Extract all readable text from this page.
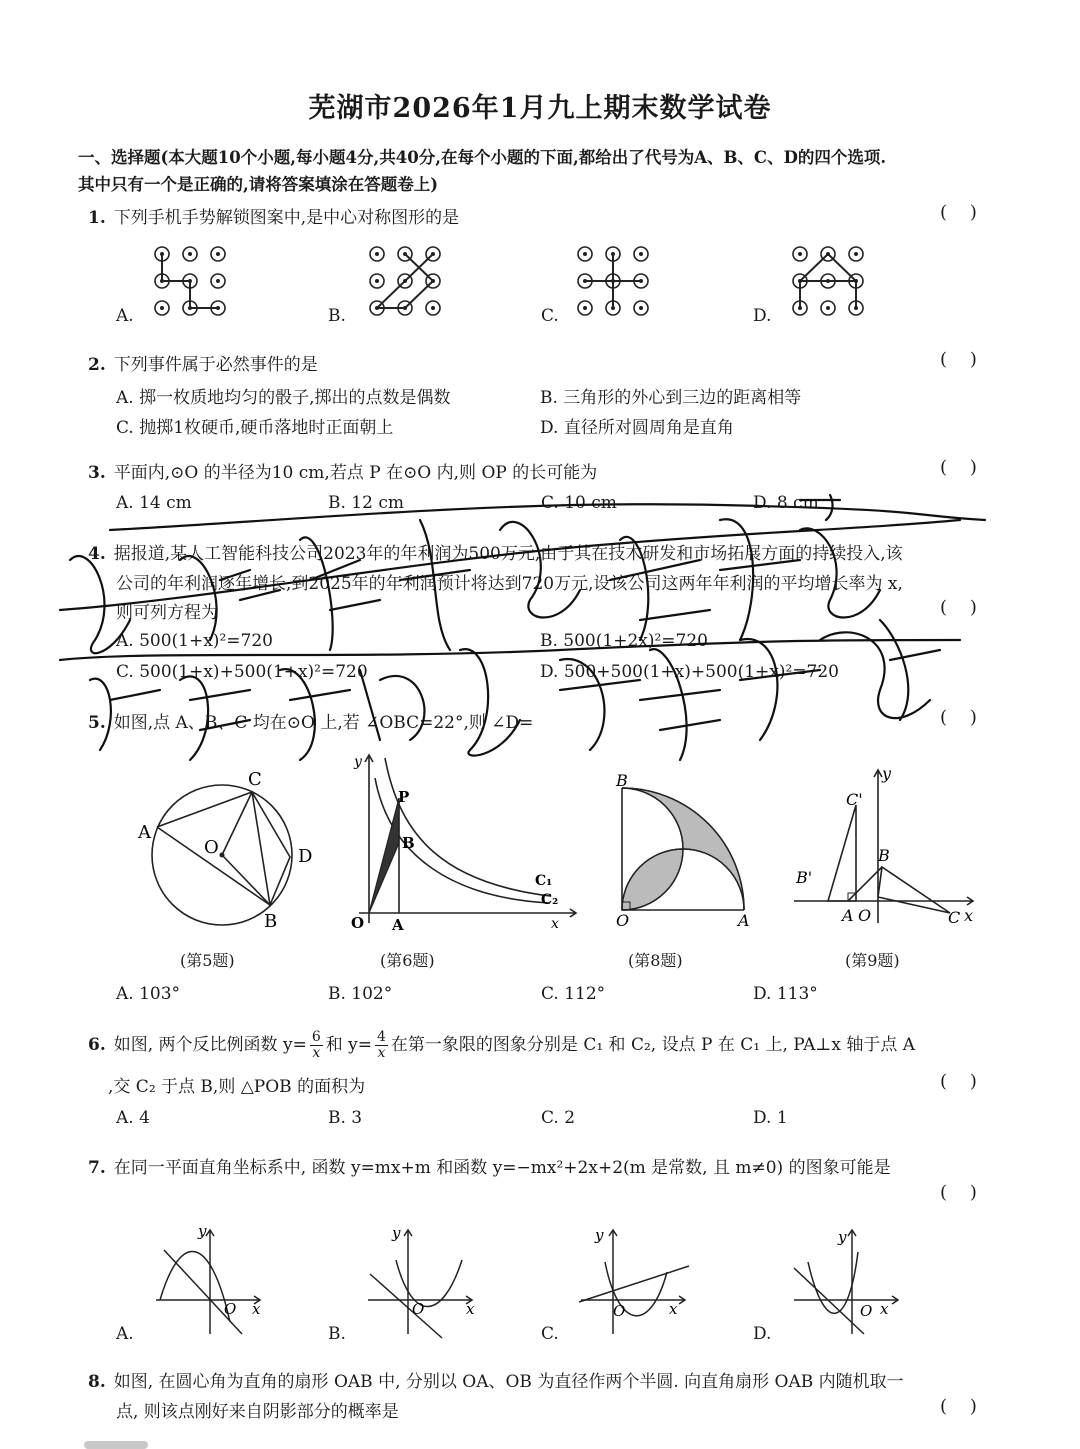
芜湖市2026年1月九上期末数学试卷
一、选择题(本大题10个小题,每小题4分,共40分,在每个小题的下面,都给出了代号为A、B、C、D的四个选项.
其中只有一个是正确的,请将答案填涂在答题卷上)
1. 下列手机手势解锁图案中,是中心对称图形的是	(    )
A.	B.	C.	D.
2. 下列事件属于必然事件的是	(    )
A. 掷一枚质地均匀的骰子,掷出的点数是偶数	B. 三角形的外心到三边的距离相等
C. 抛掷1枚硬币,硬币落地时正面朝上	D. 直径所对圆周角是直角
3. 平面内,⊙O 的半径为10 cm,若点 P 在⊙O 内,则 OP 的长可能为	(    )
A. 14 cm	B. 12 cm	C. 10 cm	D. 8 cm
4. 据报道,某人工智能科技公司2023年的年利润为500万元,由于其在技术研发和市场拓展方面的持续投入,该
公司的年利润逐年增长,到2025年的年利润预计将达到720万元,设该公司这两年年利润的平均增长率为 x,
则可列方程为	(    )
A. 500(1+x)²=720	B. 500(1+2x)²=720
C. 500(1+x)+500(1+x)²=720	D. 500+500(1+x)+500(1+x)²=720
5. 如图,点 A、B、C 均在⊙O 上,若 ∠OBC=22°,则 ∠D=	(    )
A
B
C
D
O
(第5题)
y
x
O A
P
B
C₁
C₂
(第6题)
B
O	A
(第8题)
y
x
C'
B'
B
A O	C
(第9题)
A. 103°	B. 102°	C. 112°	D. 113°
6. 如图, 两个反比例函数 $y= \frac{6}{x}$ 和 $y= \frac{4}{x}$ 在第一象限的图象分别是 C₁ 和 C₂, 设点 P 在 C₁ 上, PA⊥x 轴于点 A
,交 C₂ 于点 B,则 △POB 的面积为	(    )
A. 4	B. 3	C. 2	D. 1
7. 在同一平面直角坐标系中, 函数 y=mx+m 和函数 y=−mx²+2x+2(m 是常数, 且 m≠0) 的图象可能是
(    )
y
O x
A.
y
O	x
B.
y
O	x
C.
y
O x
D.
8. 如图, 在圆心角为直角的扇形 OAB 中, 分别以 OA、OB 为直径作两个半圆. 向直角扇形 OAB 内随机取一
点, 则该点刚好来自阴影部分的概率是	(    )
